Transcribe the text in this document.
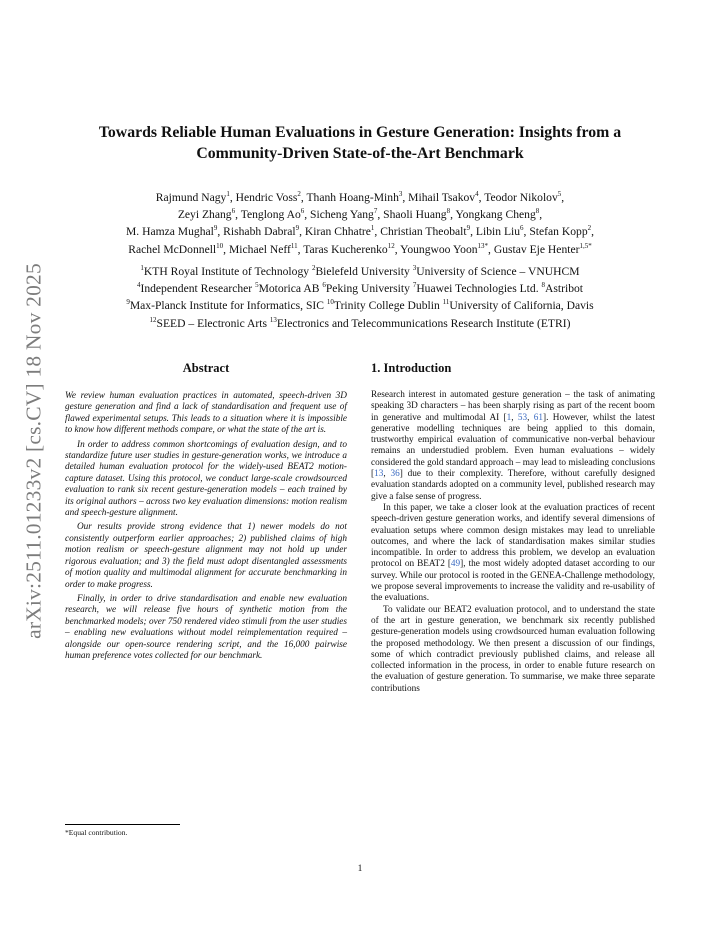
arXiv:2511.01233v2 [cs.CV] 18 Nov 2025
Towards Reliable Human Evaluations in Gesture Generation: Insights from a
Community-Driven State-of-the-Art Benchmark
Rajmund Nagy$^1$, Hendric Voss$^2$, Thanh Hoang-Minh$^3$, Mihail Tsakov$^4$, Teodor Nikolov$^5$,
Zeyi Zhang$^6$, Tenglong Ao$^6$, Sicheng Yang$^7$, Shaoli Huang$^8$, Yongkang Cheng$^8$,
M. Hamza Mughal$^9$, Rishabh Dabral$^9$, Kiran Chhatre$^1$, Christian Theobalt$^9$, Libin Liu$^6$, Stefan Kopp$^2$,
Rachel McDonnell$^{10}$, Michael Neff$^{11}$, Taras Kucherenko$^{12}$, Youngwoo Yoon$^{13*}$, Gustav Eje Henter$^{1,5*}$
$^1$KTH Royal Institute of Technology $^2$Bielefeld University $^3$University of Science – VNUHCM
$^4$Independent Researcher $^5$Motorica AB $^6$Peking University $^7$Huawei Technologies Ltd. $^8$Astribot
$^9$Max-Planck Institute for Informatics, SIC $^{10}$Trinity College Dublin $^{11}$University of California, Davis
$^{12}$SEED – Electronic Arts $^{13}$Electronics and Telecommunications Research Institute (ETRI)
Abstract

We review human evaluation practices in automated, speech-driven 3D gesture generation and find a lack of standardisation and frequent use of flawed experimental setups. This leads to a situation where it is impossible to know how different methods compare, or what the state of the art is.

In order to address common shortcomings of evaluation design, and to standardize future user studies in gesture-generation works, we introduce a detailed human evaluation protocol for the widely-used BEAT2 motion-capture dataset. Using this protocol, we conduct large-scale crowdsourced evaluation to rank six recent gesture-generation models – each trained by its original authors – across two key evaluation dimensions: motion realism and speech-gesture alignment.

Our results provide strong evidence that 1) newer models do not consistently outperform earlier approaches; 2) published claims of high motion realism or speech-gesture alignment may not hold up under rigorous evaluation; and 3) the field must adopt disentangled assessments of motion quality and multimodal alignment for accurate benchmarking in order to make progress.

Finally, in order to drive standardisation and enable new evaluation research, we will release five hours of synthetic motion from the benchmarked models; over 750 rendered video stimuli from the user studies – enabling new evaluations without model reimplementation required – alongside our open-source rendering script, and the 16,000 pairwise human preference votes collected for our benchmark.

1. Introduction

Research interest in automated gesture generation – the task of animating speaking 3D characters – has been sharply rising as part of the recent boom in generative and multimodal AI [1, 53, 61]. However, whilst the latest generative modelling techniques are being applied to this domain, trustworthy empirical evaluation of communicative non-verbal behaviour remains an understudied problem. Even human evaluations – widely considered the gold standard approach – may lead to misleading conclusions [13, 36] due to their complexity. Therefore, without carefully designed evaluation standards adopted on a community level, published research may give a false sense of progress.

In this paper, we take a closer look at the evaluation practices of recent speech-driven gesture generation works, and identify several dimensions of evaluation setups where common design mistakes may lead to unreliable outcomes, and where the lack of standardisation makes similar studies incompatible. In order to address this problem, we develop an evaluation protocol on BEAT2 [49], the most widely adopted dataset according to our survey. While our protocol is rooted in the GENEA-Challenge methodology, we propose several improvements to increase the validity and re-usability of the evaluations.

To validate our BEAT2 evaluation protocol, and to understand the state of the art in gesture generation, we benchmark six recently published gesture-generation models using crowdsourced human evaluation following the proposed methodology. We then present a discussion of our findings, some of which contradict previously published claims, and release all collected information in the process, in order to enable future research on the evaluation of gesture generation. To summarise, we make three separate contributions

*Equal contribution.
1
